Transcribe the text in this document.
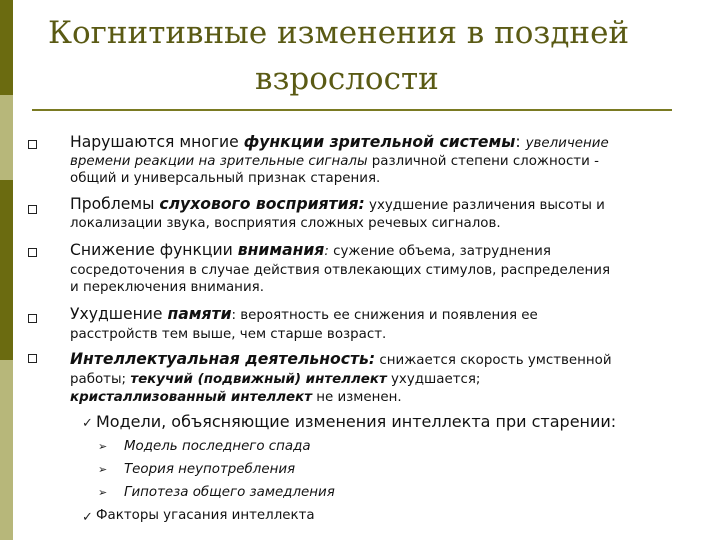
Когнитивные изменения в поздней
взрослости
Нарушаются многие функции зрительной системы: увеличение
времени реакции на зрительные сигналы различной степени сложности -
общий и универсальный признак старения.
Проблемы слухового восприятия: ухудшение различения высоты и
локализации звука, восприятия сложных речевых сигналов.
Снижение функции внимания: сужение объема, затруднения
сосредоточения в случае действия отвлекающих стимулов, распределения
и переключения внимания.
Ухудшение памяти: вероятность ее снижения и появления ее
расстройств тем выше, чем старше возраст.
Интеллектуальная деятельность: снижается скорость умственной
работы; текучий (подвижный) интеллект ухудшается;
кристаллизованный интеллект не изменен.
✓ Модели, объясняющие изменения интеллекта при старении:
➢ Модель последнего спада
➢ Теория неупотребления
➢ Гипотеза общего замедления
✓ Факторы угасания интеллекта
